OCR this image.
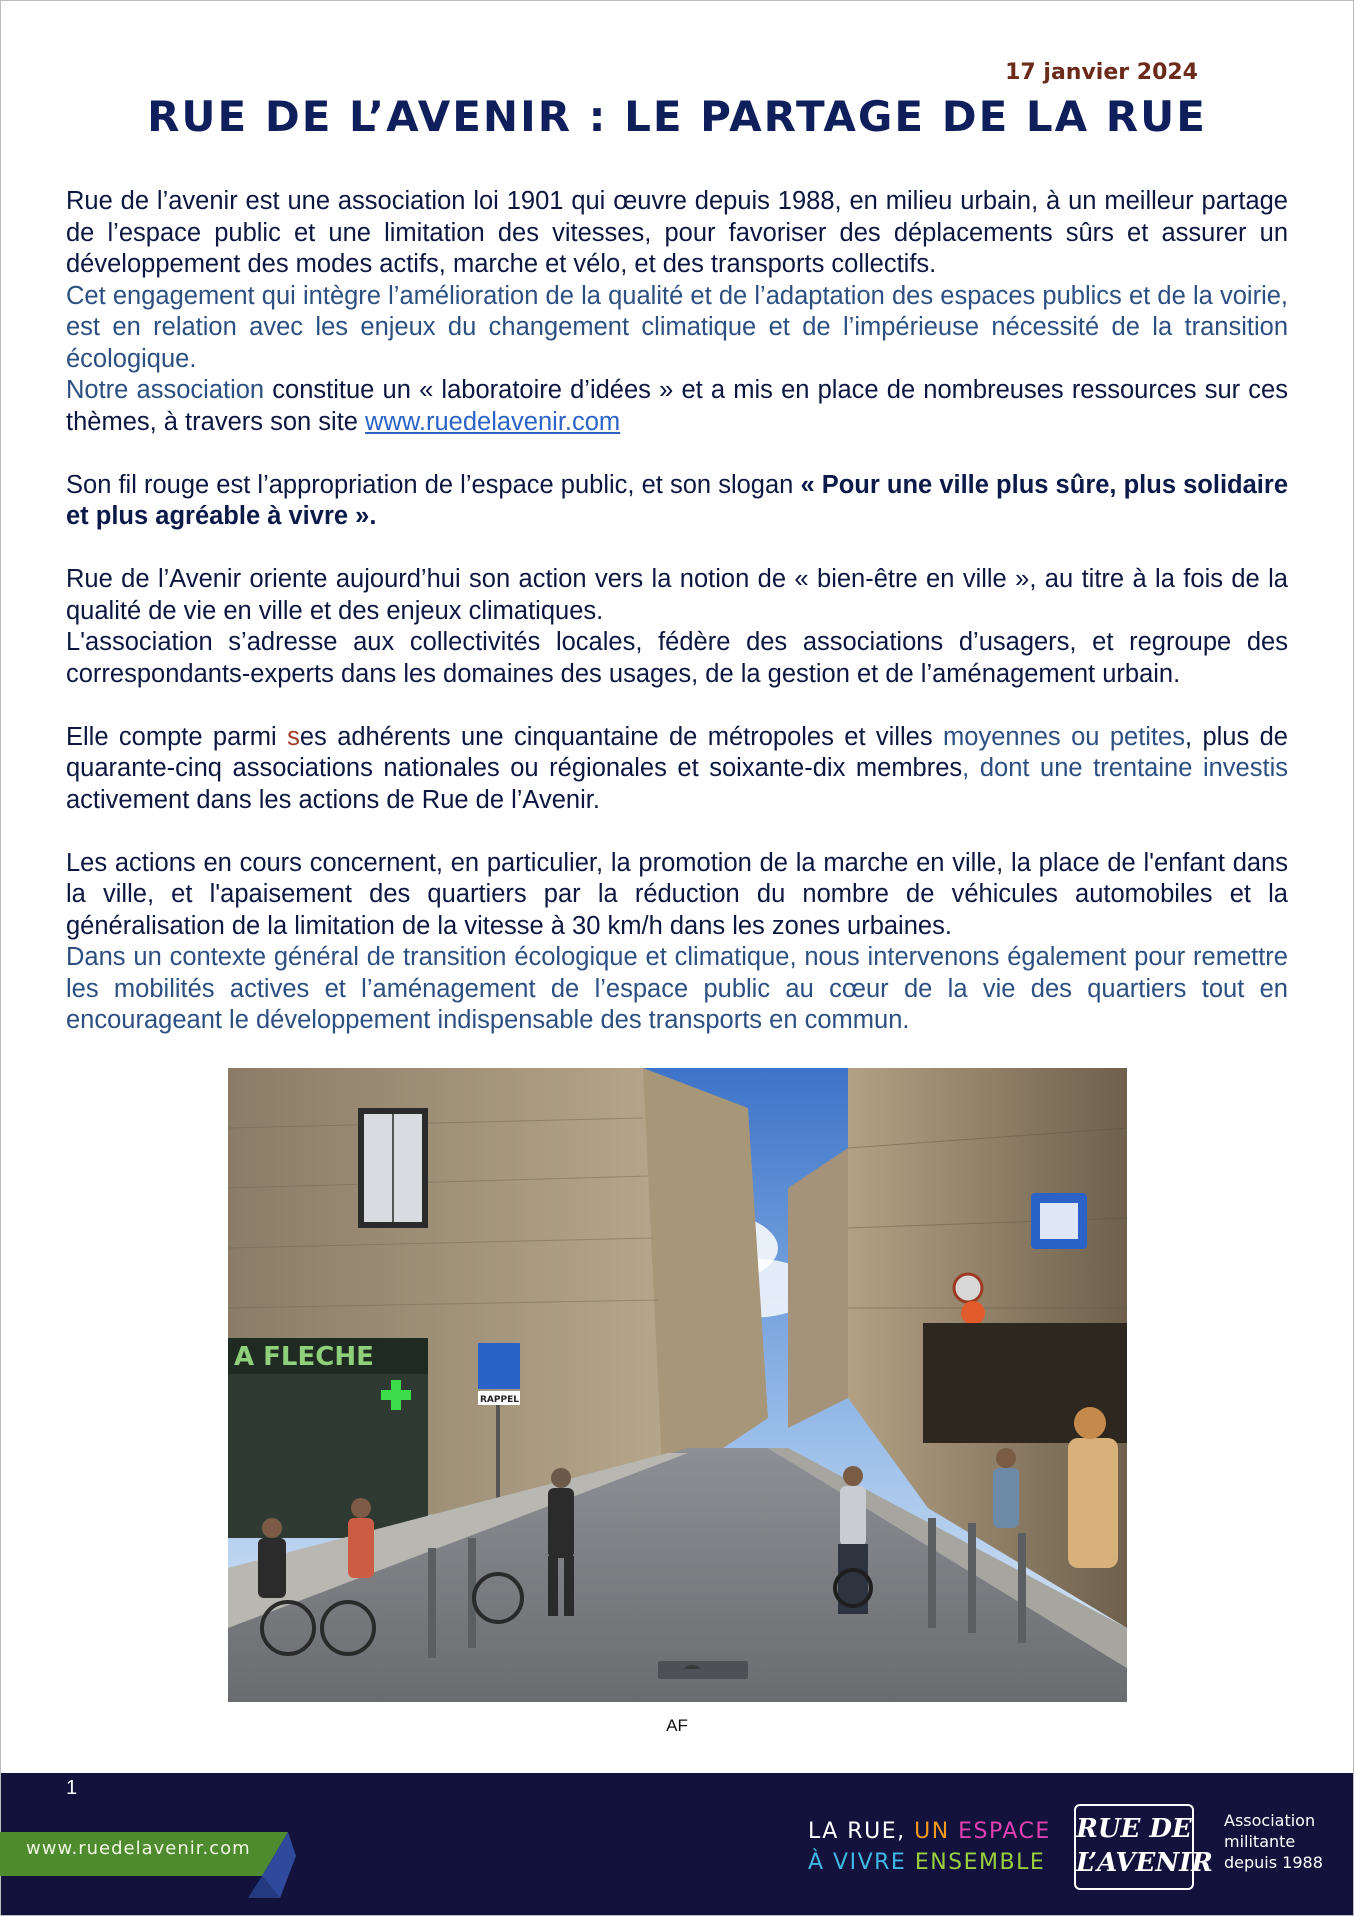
17 janvier 2024
RUE DE L’AVENIR : LE PARTAGE DE LA RUE

Rue de l’avenir est une association loi 1901 qui œuvre depuis 1988, en milieu urbain, à un meilleur partage de l’espace public et une limitation des vitesses, pour favoriser des déplacements sûrs et assurer un développement des modes actifs, marche et vélo, et des transports collectifs.

Cet engagement qui intègre l’amélioration de la qualité et de l’adaptation des espaces publics et de la voirie, est en relation avec les enjeux du changement climatique et de l’impérieuse nécessité de la transition écologique.

Notre association constitue un « laboratoire d’idées » et a mis en place de nombreuses ressources sur ces thèmes, à travers son site www.ruedelavenir.com

Son fil rouge est l’appropriation de l’espace public, et son slogan « Pour une ville plus sûre, plus solidaire et plus agréable à vivre ».

Rue de l’Avenir oriente aujourd’hui son action vers la notion de « bien-être en ville », au titre à la fois de la qualité de vie en ville et des enjeux climatiques.

L'association s’adresse aux collectivités locales, fédère des associations d’usagers, et regroupe des correspondants-experts dans les domaines des usages, de la gestion et de l’aménagement urbain.

Elle compte parmi ses adhérents une cinquantaine de métropoles et villes moyennes ou petites, plus de quarante-cinq associations nationales ou régionales et soixante-dix membres, dont une trentaine investis activement dans les actions de Rue de l’Avenir.

Les actions en cours concernent, en particulier, la promotion de la marche en ville, la place de l'enfant dans la ville, et l'apaisement des quartiers par la réduction du nombre de véhicules automobiles et la généralisation de la limitation de la vitesse à 30 km/h dans les zones urbaines.

Dans un contexte général de transition écologique et climatique, nous intervenons également pour remettre les mobilités actives et l’aménagement de l’espace public au cœur de la vie des quartiers tout en encourageant le développement indispensable des transports en commun.

A FLECHE
RAPPEL
AF
1
www.ruedelavenir.com
LA RUE, UN ESPACE
À VIVRE ENSEMBLE
RUE DE
L’AVENIR
Association
militante
depuis 1988
